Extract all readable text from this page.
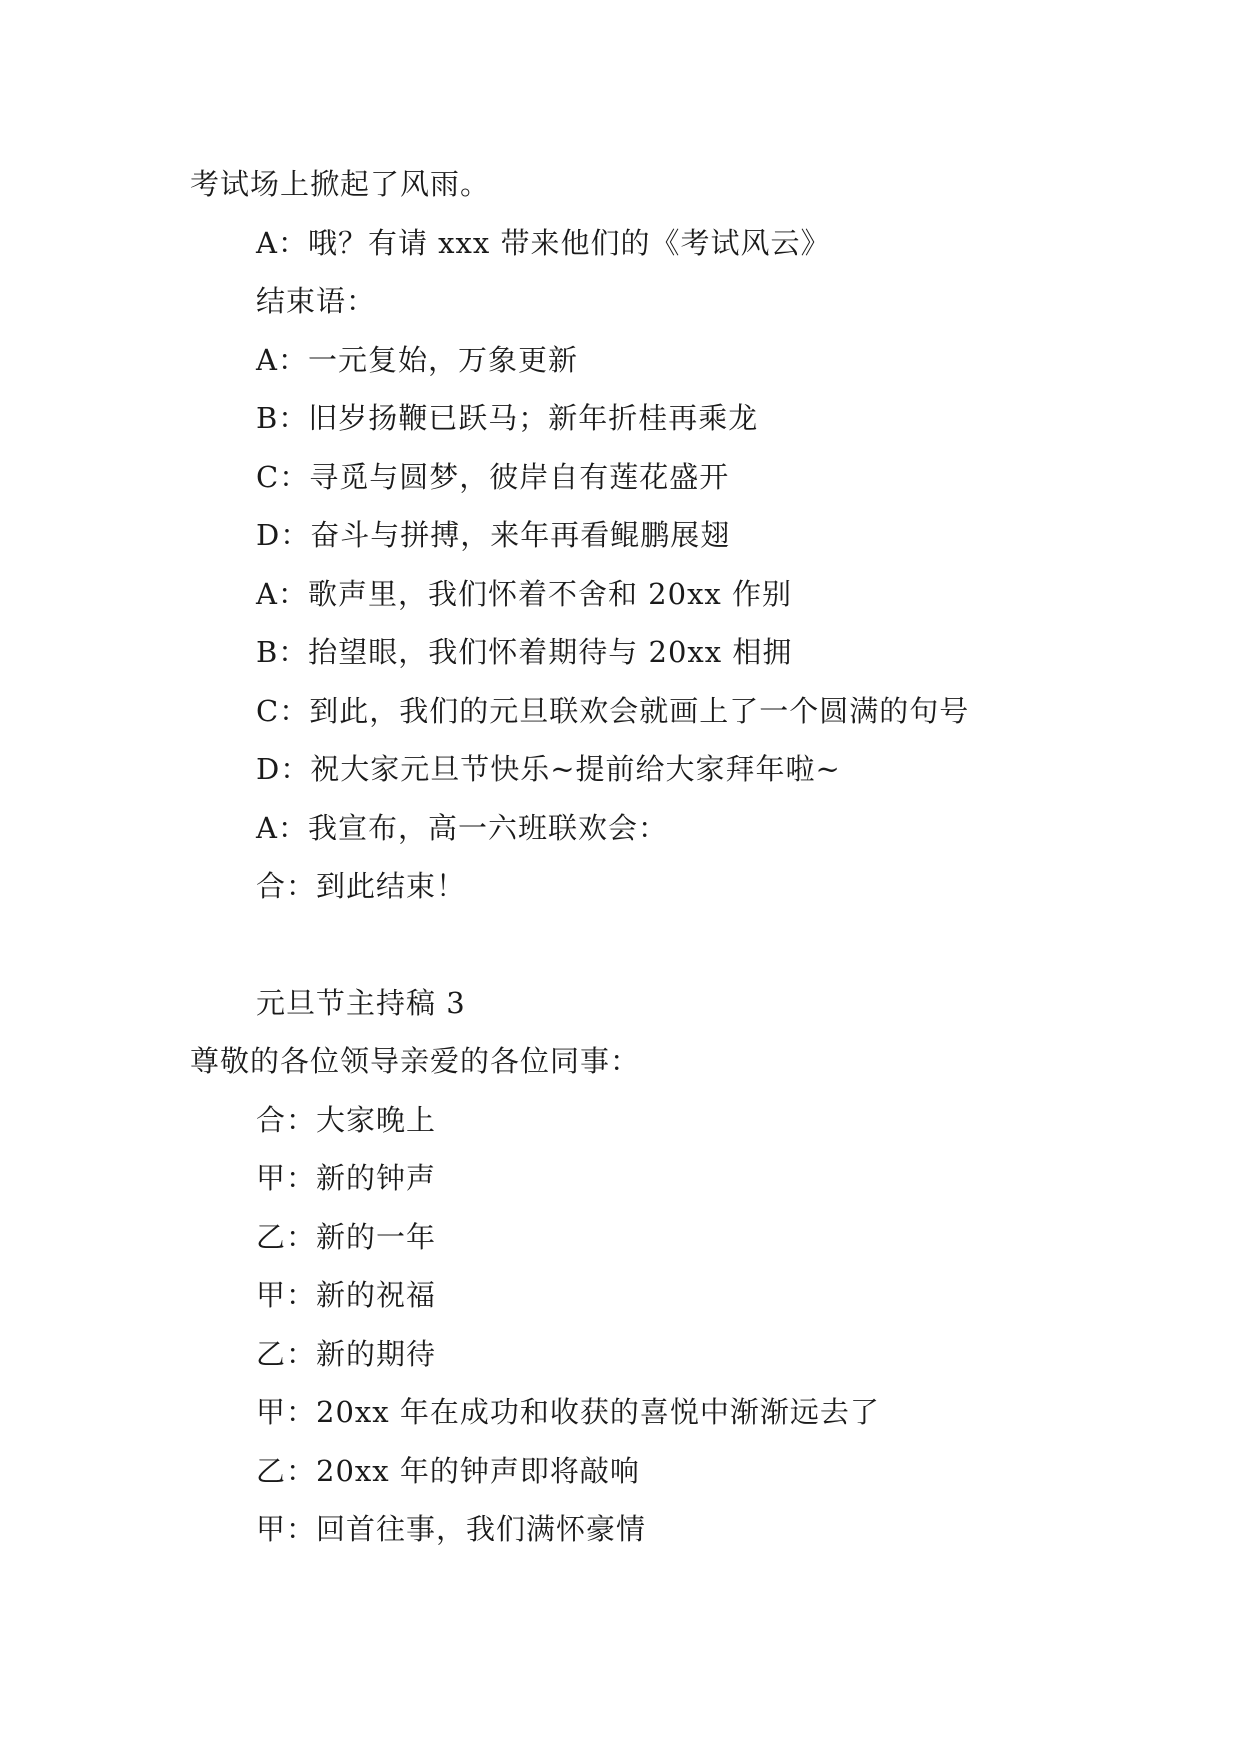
考试场上掀起了风雨。
A：哦？有请 xxx 带来他们的《考试风云》
结束语：
A：一元复始，万象更新
B：旧岁扬鞭已跃马；新年折桂再乘龙
C：寻觅与圆梦，彼岸自有莲花盛开
D：奋斗与拼搏，来年再看鲲鹏展翅
A：歌声里，我们怀着不舍和 20xx 作别
B：抬望眼，我们怀着期待与 20xx 相拥
C：到此，我们的元旦联欢会就画上了一个圆满的句号
D：祝大家元旦节快乐~提前给大家拜年啦~
A：我宣布，高一六班联欢会：
合：到此结束！
元旦节主持稿 3
尊敬的各位领导亲爱的各位同事：
合：大家晚上
甲：新的钟声
乙：新的一年
甲：新的祝福
乙：新的期待
甲：20xx 年在成功和收获的喜悦中渐渐远去了
乙：20xx 年的钟声即将敲响
甲：回首往事，我们满怀豪情
